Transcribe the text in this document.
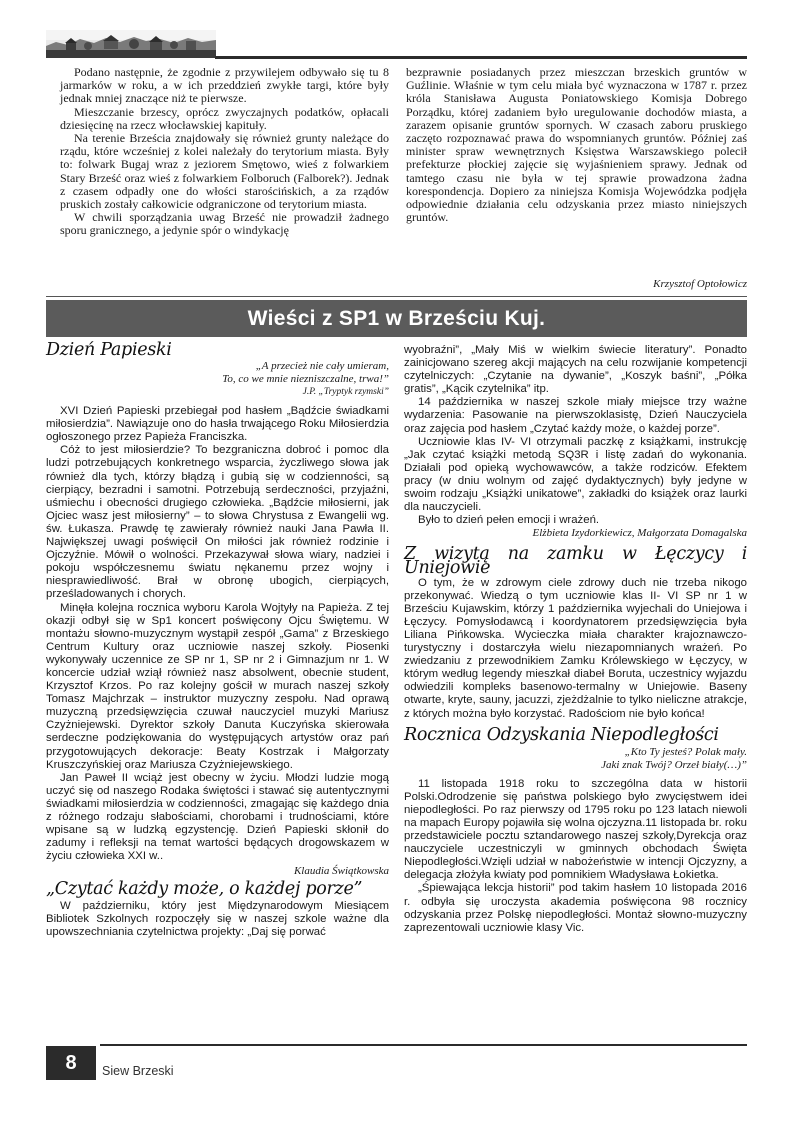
Podano następnie, że zgodnie z przywilejem odbywało się tu 8 jarmarków w roku, a w ich przeddzień zwykłe targi, które były jednak mniej znaczące niż te pierwsze.

Mieszczanie brzescy, oprócz zwyczajnych podatków, opłacali dziesięcinę na rzecz włocławskiej kapituły.

Na terenie Brześcia znajdowały się również grunty należące do rządu, które wcześniej z kolei należały do terytorium miasta. Były to: folwark Bugaj wraz z jeziorem Smętowo, wieś z folwarkiem Stary Brześć oraz wieś z folwarkiem Folboruch (Falborek?). Jednak z czasem odpadły one do włości starościńskich, a za rządów pruskich zostały całkowicie odgraniczone od terytorium miasta.

W chwili sporządzania uwag Brześć nie prowadził żadnego sporu granicznego, a jedynie spór o windykację

bezprawnie posiadanych przez mieszczan brzeskich gruntów w Guźlinie. Właśnie w tym celu miała być wyznaczona w 1787 r. przez króla Stanisława Augusta Poniatowskiego Komisja Dobrego Porządku, której zadaniem było uregulowanie dochodów miasta, a zarazem opisanie gruntów spornych. W czasach zaboru pruskiego zaczęto rozpoznawać prawa do wspomnianych gruntów. Później zaś minister spraw wewnętrznych Księstwa Warszawskiego polecił prefekturze płockiej zajęcie się wyjaśnieniem sprawy. Jednak od tamtego czasu nie była w tej sprawie prowadzona żadna korespondencja. Dopiero za niniejsza Komisja Wojewódzka podjęła odpowiednie działania celu odzyskania przez miasto niniejszych gruntów.

Krzysztof Optołowicz
Wieści z SP1 w Brześciu Kuj.

Dzień Papieski

„A przecież nie cały umieram,

To, co we mnie niezniszczalne, trwa!”

J.P. „Tryptyk rzymski”

XVI Dzień Papieski przebiegał pod hasłem „Bądźcie świadkami miłosierdzia”. Nawiązuje ono do hasła trwającego Roku Miłosierdzia ogłoszonego przez Papieża Franciszka.

Cóż to jest miłosierdzie? To bezgraniczna dobroć i pomoc dla ludzi potrzebujących konkretnego wsparcia, życzliwego słowa jak również dla tych, którzy błądzą i gubią się w codzienności, są cierpiący, bezradni i samotni. Potrzebują serdeczności, przyjaźni, uśmiechu i obecności drugiego człowieka. „Bądźcie miłosierni, jak Ojciec wasz jest miłosierny” – to słowa Chrystusa z Ewangelii wg. św. Łukasza. Prawdę tę zawierały również nauki Jana Pawła II. Największej uwagi poświęcił On miłości jak również rodzinie i Ojczyźnie. Mówił o wolności. Przekazywał słowa wiary, nadziei i pokoju współczesnemu światu nękanemu przez wojny i niesprawiedliwość. Brał w obronę ubogich, cierpiących, prześladowanych i chorych.

Minęła kolejna rocznica wyboru Karola Wojtyły na Papieża. Z tej okazji odbył się w Sp1 koncert poświęcony Ojcu Świętemu. W montażu słowno-muzycznym wystąpił zespół „Gama” z Brzeskiego Centrum Kultury oraz uczniowie naszej szkoły. Piosenki wykonywały uczennice ze SP nr 1, SP nr 2 i Gimnazjum nr 1. W koncercie udział wziął również nasz absolwent, obecnie student, Krzysztof Krzos. Po raz kolejny gościł w murach naszej szkoły Tomasz Majchrzak – instruktor muzyczny zespołu. Nad oprawą muzyczną przedsięwzięcia czuwał nauczyciel muzyki Mariusz Czyżniejewski. Dyrektor szkoły Danuta Kuczyńska skierowała serdeczne podziękowania do występujących artystów oraz pań przygotowujących dekoracje: Beaty Kostrzak i Małgorzaty Kruszczyńskiej oraz Mariusza Czyżniejewskiego.

Jan Paweł II wciąż jest obecny w życiu. Młodzi ludzie mogą uczyć się od naszego Rodaka świętości i stawać się autentycznymi świadkami miłosierdzia w codzienności, zmagając się każdego dnia z różnego rodzaju słabościami, chorobami i trudnościami, które wpisane są w ludzką egzystencję. Dzień Papieski skłonił do zadumy i refleksji na temat wartości będących drogowskazem w życiu człowieka XXI w..

Klaudia Świątkowska

„Czytać każdy może, o każdej porze”

W październiku, który jest Międzynarodowym Miesiącem Bibliotek Szkolnych rozpoczęły się w naszej szkole ważne dla upowszechniania czytelnictwa projekty: „Daj się porwać

wyobraźni”, „Mały Miś w wielkim świecie literatury”. Ponadto zainicjowano szereg akcji mających na celu rozwijanie kompetencji czytelniczych: „Czytanie na dywanie”, „Koszyk baśni”, „Półka gratis”, „Kącik czytelnika” itp.

14 października w naszej szkole miały miejsce trzy ważne wydarzenia: Pasowanie na pierwszoklasistę, Dzień Nauczyciela oraz zajęcia pod hasłem „Czytać każdy może, o każdej porze”.

Uczniowie klas IV- VI otrzymali paczkę z książkami, instrukcję „Jak czytać książki metodą SQ3R i listę zadań do wykonania. Działali pod opieką wychowawców, a także rodziców. Efektem pracy (w dniu wolnym od zajęć dydaktycznych) były jedyne w swoim rodzaju „Książki unikatowe”, zakładki do książek oraz laurki dla nauczycieli.

Było to dzień pełen emocji i wrażeń.

Elżbieta Izydorkiewicz, Małgorzata Domagalska

Z wizytą na zamku w Łęczycy i Uniejowie

O tym, że w zdrowym ciele zdrowy duch nie trzeba nikogo przekonywać. Wiedzą o tym uczniowie klas II- VI SP nr 1 w Brześciu Kujawskim, którzy 1 października wyjechali do Uniejowa i Łęczycy. Pomysłodawcą i koordynatorem przedsięwzięcia była Liliana Pińkowska. Wycieczka miała charakter krajoznawczo-turystyczny i dostarczyła wielu niezapomnianych wrażeń. Po zwiedzaniu z przewodnikiem Zamku Królewskiego w Łęczycy, w którym według legendy mieszkał diabeł Boruta, uczestnicy wyjazdu odwiedzili kompleks basenowo-termalny w Uniejowie. Baseny otwarte, kryte, sauny, jacuzzi, zjeżdżalnie to tylko nieliczne atrakcje, z których można było korzystać. Radościom nie było końca!

Rocznica Odzyskania Niepodległości

„Kto Ty jesteś? Polak mały.

Jaki znak Twój? Orzeł biały(…)”

11 listopada 1918 roku to szczególna data w historii Polski.Odrodzenie się państwa polskiego było zwycięstwem idei niepodległości. Po raz pierwszy od 1795 roku po 123 latach niewoli na mapach Europy pojawiła się wolna ojczyzna.11 listopada br. roku przedstawiciele pocztu sztandarowego naszej szkoły,Dyrekcja oraz nauczyciele uczestniczyli w gminnych obchodach Święta Niepodległości.Wzięli udział w nabożeństwie w intencji Ojczyzny, a delegacja złożyła kwiaty pod pomnikiem Władysława Łokietka.

„Śpiewająca lekcja historii” pod takim hasłem 10 listopada 2016 r. odbyła się uroczysta akademia poświęcona 98 rocznicy odzyskania przez Polskę niepodległości. Montaż słowno-muzyczny zaprezentowali uczniowie klasy Vic.

8	Siew Brzeski
